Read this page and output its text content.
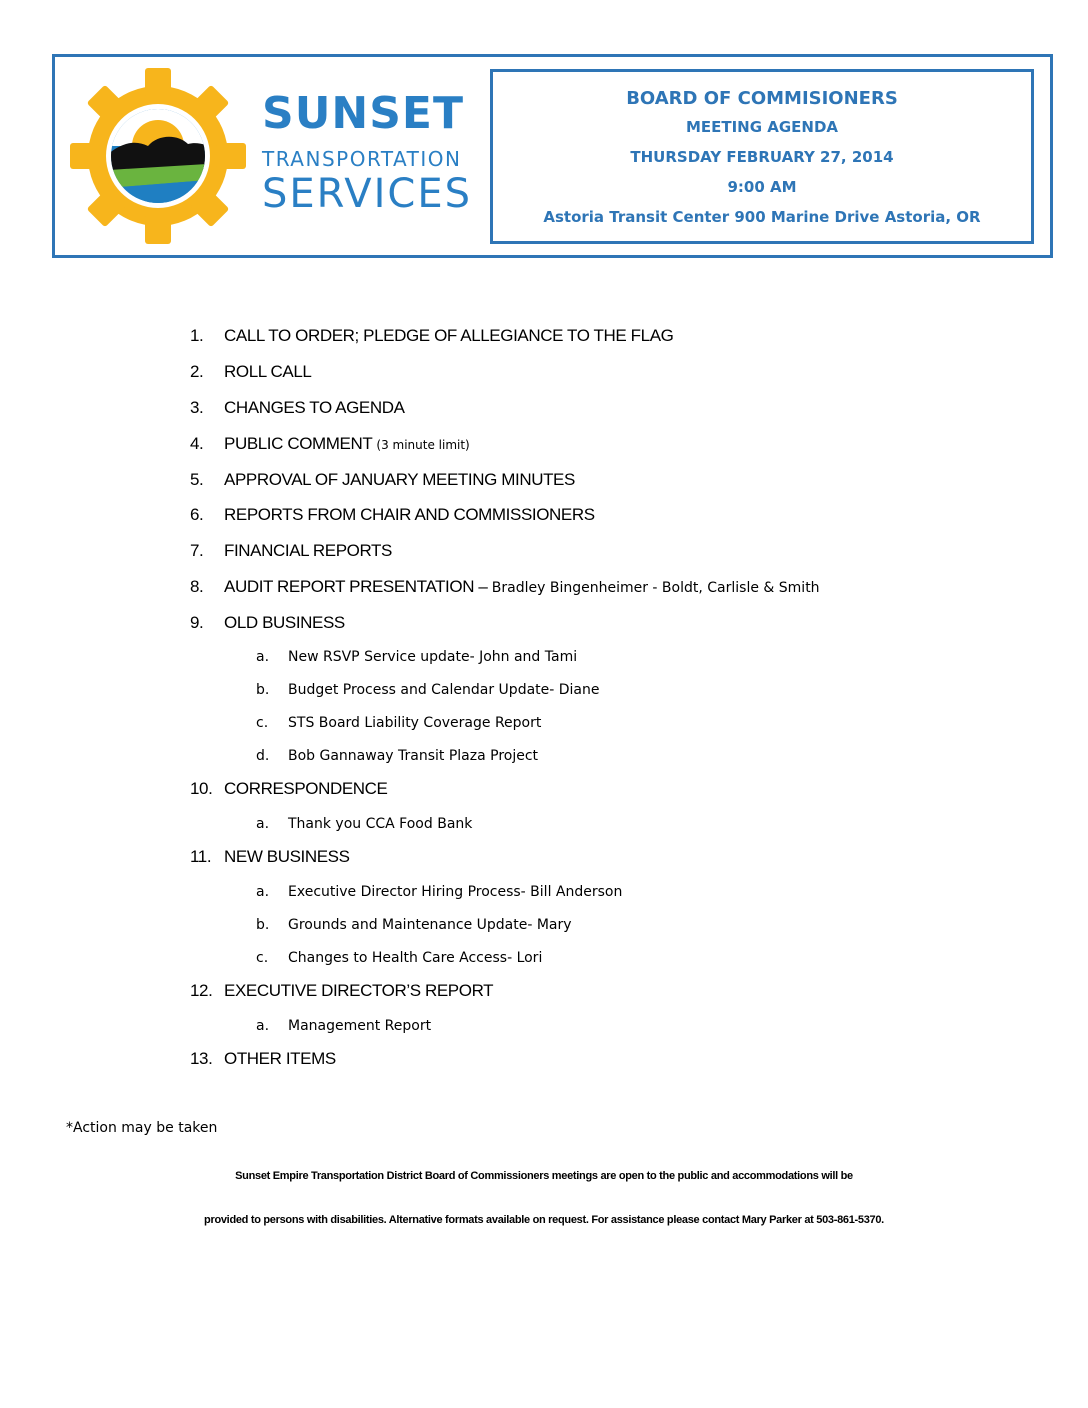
SUNSET
TRANSPORTATION
SERVICES
BOARD OF COMMISIONERS
MEETING AGENDA
THURSDAY FEBRUARY 27, 2014
9:00 AM
Astoria Transit Center 900 Marine Drive Astoria, OR
1. CALL TO ORDER; PLEDGE OF ALLEGIANCE TO THE FLAG
2. ROLL CALL
3. CHANGES TO AGENDA
4. PUBLIC COMMENT (3 minute limit)
5. APPROVAL OF JANUARY MEETING MINUTES
6. REPORTS FROM CHAIR AND COMMISSIONERS
7. FINANCIAL REPORTS
8. AUDIT REPORT PRESENTATION – Bradley Bingenheimer - Boldt, Carlisle & Smith
9. OLD BUSINESS
a. New RSVP Service update- John and Tami
b. Budget Process and Calendar Update- Diane
c. STS Board Liability Coverage Report
d. Bob Gannaway Transit Plaza Project
10. CORRESPONDENCE
a. Thank you CCA Food Bank
11. NEW BUSINESS
a. Executive Director Hiring Process- Bill Anderson
b. Grounds and Maintenance Update- Mary
c. Changes to Health Care Access- Lori
12. EXECUTIVE DIRECTOR’S REPORT
a. Management Report
13. OTHER ITEMS
*Action may be taken
Sunset Empire Transportation District Board of Commissioners meetings are open to the public and accommodations will be
provided to persons with disabilities. Alternative formats available on request. For assistance please contact Mary Parker at 503-861-5370.
